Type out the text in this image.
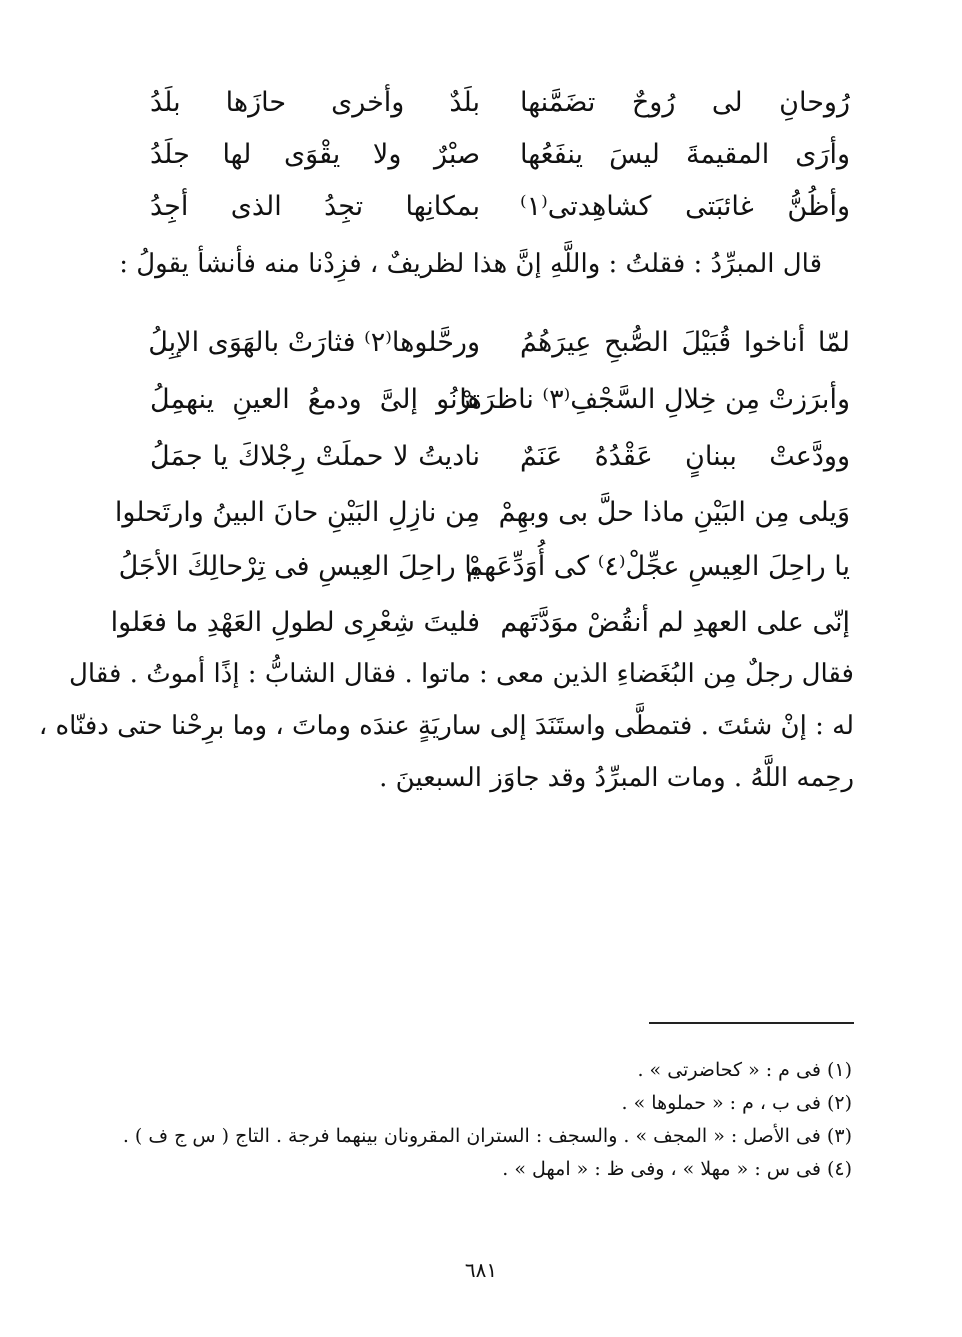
رُوحانِ لى رُوحٌ تضَمَّنها
بلَدٌ وأخرى حازَها بلَدُ
وأرَى المقيمةَ ليسَ ينفَعُها
صبْرٌ ولا يقْوَى لها جلَدُ
وأظُنُّ غائبَتى كشاهِدتى⁽١⁾
بمكانِها تجِدُ الذى أجِدُ
قال المبرِّدُ : فقلتُ : واللَّهِ إنَّ هذا لظريفٌ ، فزِدْنا منه فأنشأ يقولُ :
لمّا أناخوا قُبَيْلَ الصُّبحِ عِيرَهُمُ
ورحَّلوها⁽٢⁾ فثارَتْ بالهَوَى الإبِلُ
وأبرَزتْ مِن خِلالِ السَّجْفِ⁽٣⁾ ناظرَها
ترْنُو إلىَّ ودمعُ العينِ ينهمِلُ
وودَّعتْ ببنانٍ عَقْدُهُ عَنَمٌ
ناديتُ لا حملَتْ رِجْلاكَ يا جمَلُ
وَيلى مِن البَيْنِ ماذا حلَّ بى وبهِمْ
مِن نازِلِ البَيْنِ حانَ البينُ وارتَحلوا
يا راحِلَ العِيسِ عجِّلْ⁽٤⁾ كى أُوَدِّعَهمْ
يا راحِلَ العِيسِ فى تِرْحالِكَ الأجَلُ
إنّى على العهدِ لم أنقُضْ موَدَّتَهم
فليتَ شِعْرِى لطولِ العَهْدِ ما فعَلوا
فقال رجلٌ مِن البُغَضاءِ الذين معى : ماتوا . فقال الشابُّ : إذًا أموتُ . فقال
له : إنْ شئتَ . فتمطَّى واستَنَدَ إلى ساريَةٍ عندَه وماتَ ، وما برِحْنا حتى دفنّاه ،
رحِمه اللَّهُ . ومات المبرِّدُ وقد جاوَز السبعينَ .
(١) فى م : « كحاضرتى » .
(٢) فى ب ، م : « حملوها » .
(٣) فى الأصل : « المجف » . والسجف : الستران المقرونان بينهما فرجة . التاج ( س ج ف ) .
(٤) فى س : « مهلا » ، وفى ظ : « امهل » .
٦٨١
